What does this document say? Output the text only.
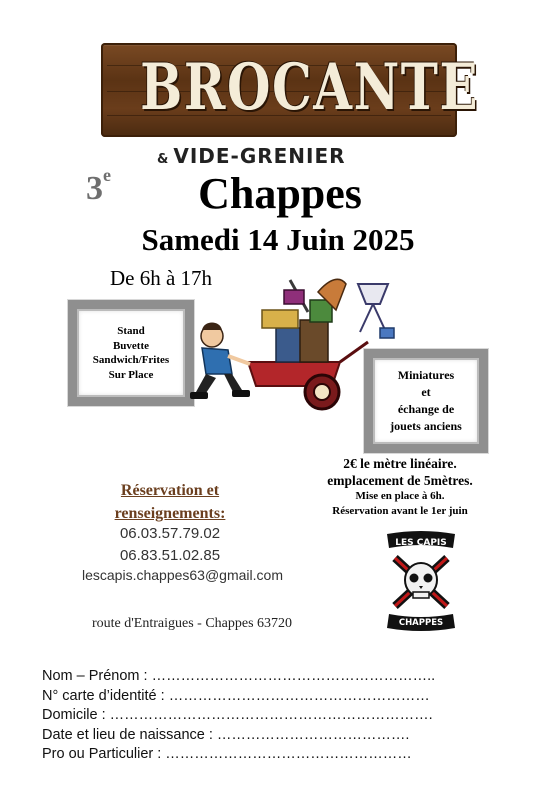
BROCANTE
& VIDE-GRENIER
3e	Chappes
Samedi 14 Juin 2025
De 6h à 17h
Stand
Buvette
Sandwich/Frites
Sur Place	Miniatures
et
échange de
jouets anciens
2€ le mètre linéaire.
emplacement de 5mètres.
Mise en place à 6h.
Réservation avant le 1er juin
Réservation et
renseignements:
06.03.57.79.02
06.83.51.02.85
lescapis.chappes63@gmail.com
route d'Entraigues - Chappes 63720
LES CAPIS
CHAPPES
Nom – Prénom : …………………………………………………..
N° carte d’identité : ………………………………………………
Domicile : ………………………………………………………….
Date et lieu de naissance : ………………………………….
Pro ou Particulier : ……………………………………………
